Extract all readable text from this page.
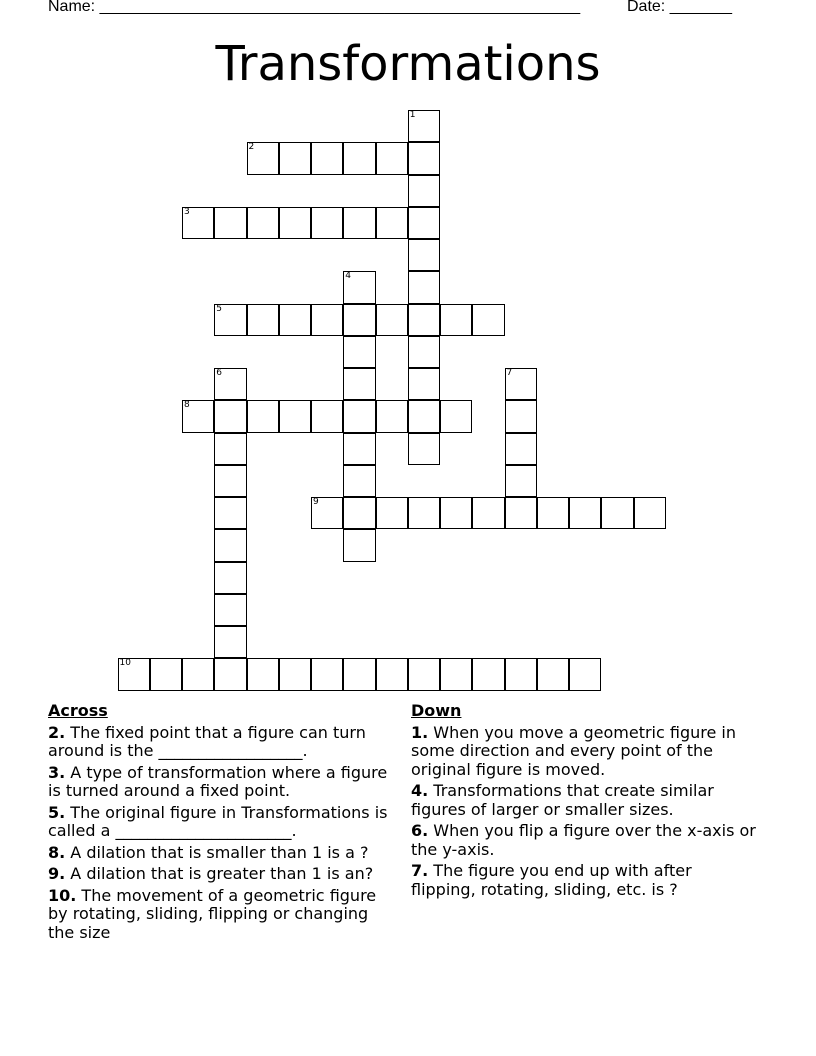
Name: ______________________________________________________	Date: _______
Transformations
1
2
3
4
5
6	7
8
9
10
Across
2. The fixed point that a figure can turn around is the __________________.
3. A type of transformation where a figure is turned around a fixed point.
5. The original figure in Transformations is called a ______________________.
8. A dilation that is smaller than 1 is a ?
9. A dilation that is greater than 1 is an?
10. The movement of a geometric figure by rotating, sliding, flipping or changing the size
Down
1. When you move a geometric figure in some direction and every point of the original figure is moved.
4. Transformations that create similar figures of larger or smaller sizes.
6. When you flip a figure over the x-axis or the y-axis.
7. The figure you end up with after flipping, rotating, sliding, etc. is ?
